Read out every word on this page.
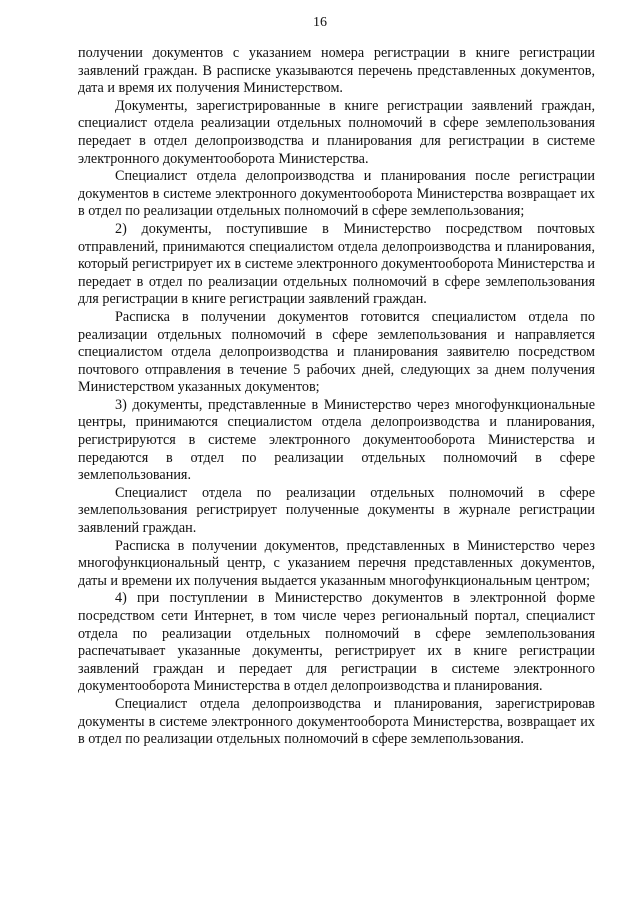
16

получении документов с указанием номера регистрации в книге регистрации заявлений граждан. В расписке указываются перечень представленных документов, дата и время их получения Министерством.

Документы, зарегистрированные в книге регистрации заявлений граждан, специалист отдела реализации отдельных полномочий в сфере землепользования передает в отдел делопроизводства и планирования для регистрации в системе электронного документооборота Министерства.

Специалист отдела делопроизводства и планирования после регистрации документов в системе электронного документооборота Министерства возвращает их в отдел по реализации отдельных полномочий в сфере землепользования;

2) документы, поступившие в Министерство посредством почтовых отправлений, принимаются специалистом отдела делопроизводства и планирования, который регистрирует их в системе электронного документооборота Министерства и передает в отдел по реализации отдельных полномочий в сфере землепользования для регистрации в книге регистрации заявлений граждан.

Расписка в получении документов готовится специалистом отдела по реализации отдельных полномочий в сфере землепользования и направляется специалистом отдела делопроизводства и планирования заявителю посредством почтового отправления в течение 5 рабочих дней, следующих за днем получения Министерством указанных документов;

3) документы, представленные в Министерство через многофункциональные центры, принимаются специалистом отдела делопроизводства и планирования, регистрируются в системе электронного документооборота Министерства и передаются в отдел по реализации отдельных полномочий в сфере землепользования.

Специалист отдела по реализации отдельных полномочий в сфере землепользования регистрирует полученные документы в журнале регистрации заявлений граждан.

Расписка в получении документов, представленных в Министерство через многофункциональный центр, с указанием перечня представленных документов, даты и времени их получения выдается указанным многофункциональным центром;

4) при поступлении в Министерство документов в электронной форме посредством сети Интернет, в том числе через региональный портал, специалист отдела по реализации отдельных полномочий в сфере землепользования распечатывает указанные документы, регистрирует их в книге регистрации заявлений граждан и передает для регистрации в системе электронного документооборота Министерства в отдел делопроизводства и планирования.

Специалист отдела делопроизводства и планирования, зарегистрировав документы в системе электронного документооборота Министерства, возвращает их в отдел по реализации отдельных полномочий в сфере землепользования.
